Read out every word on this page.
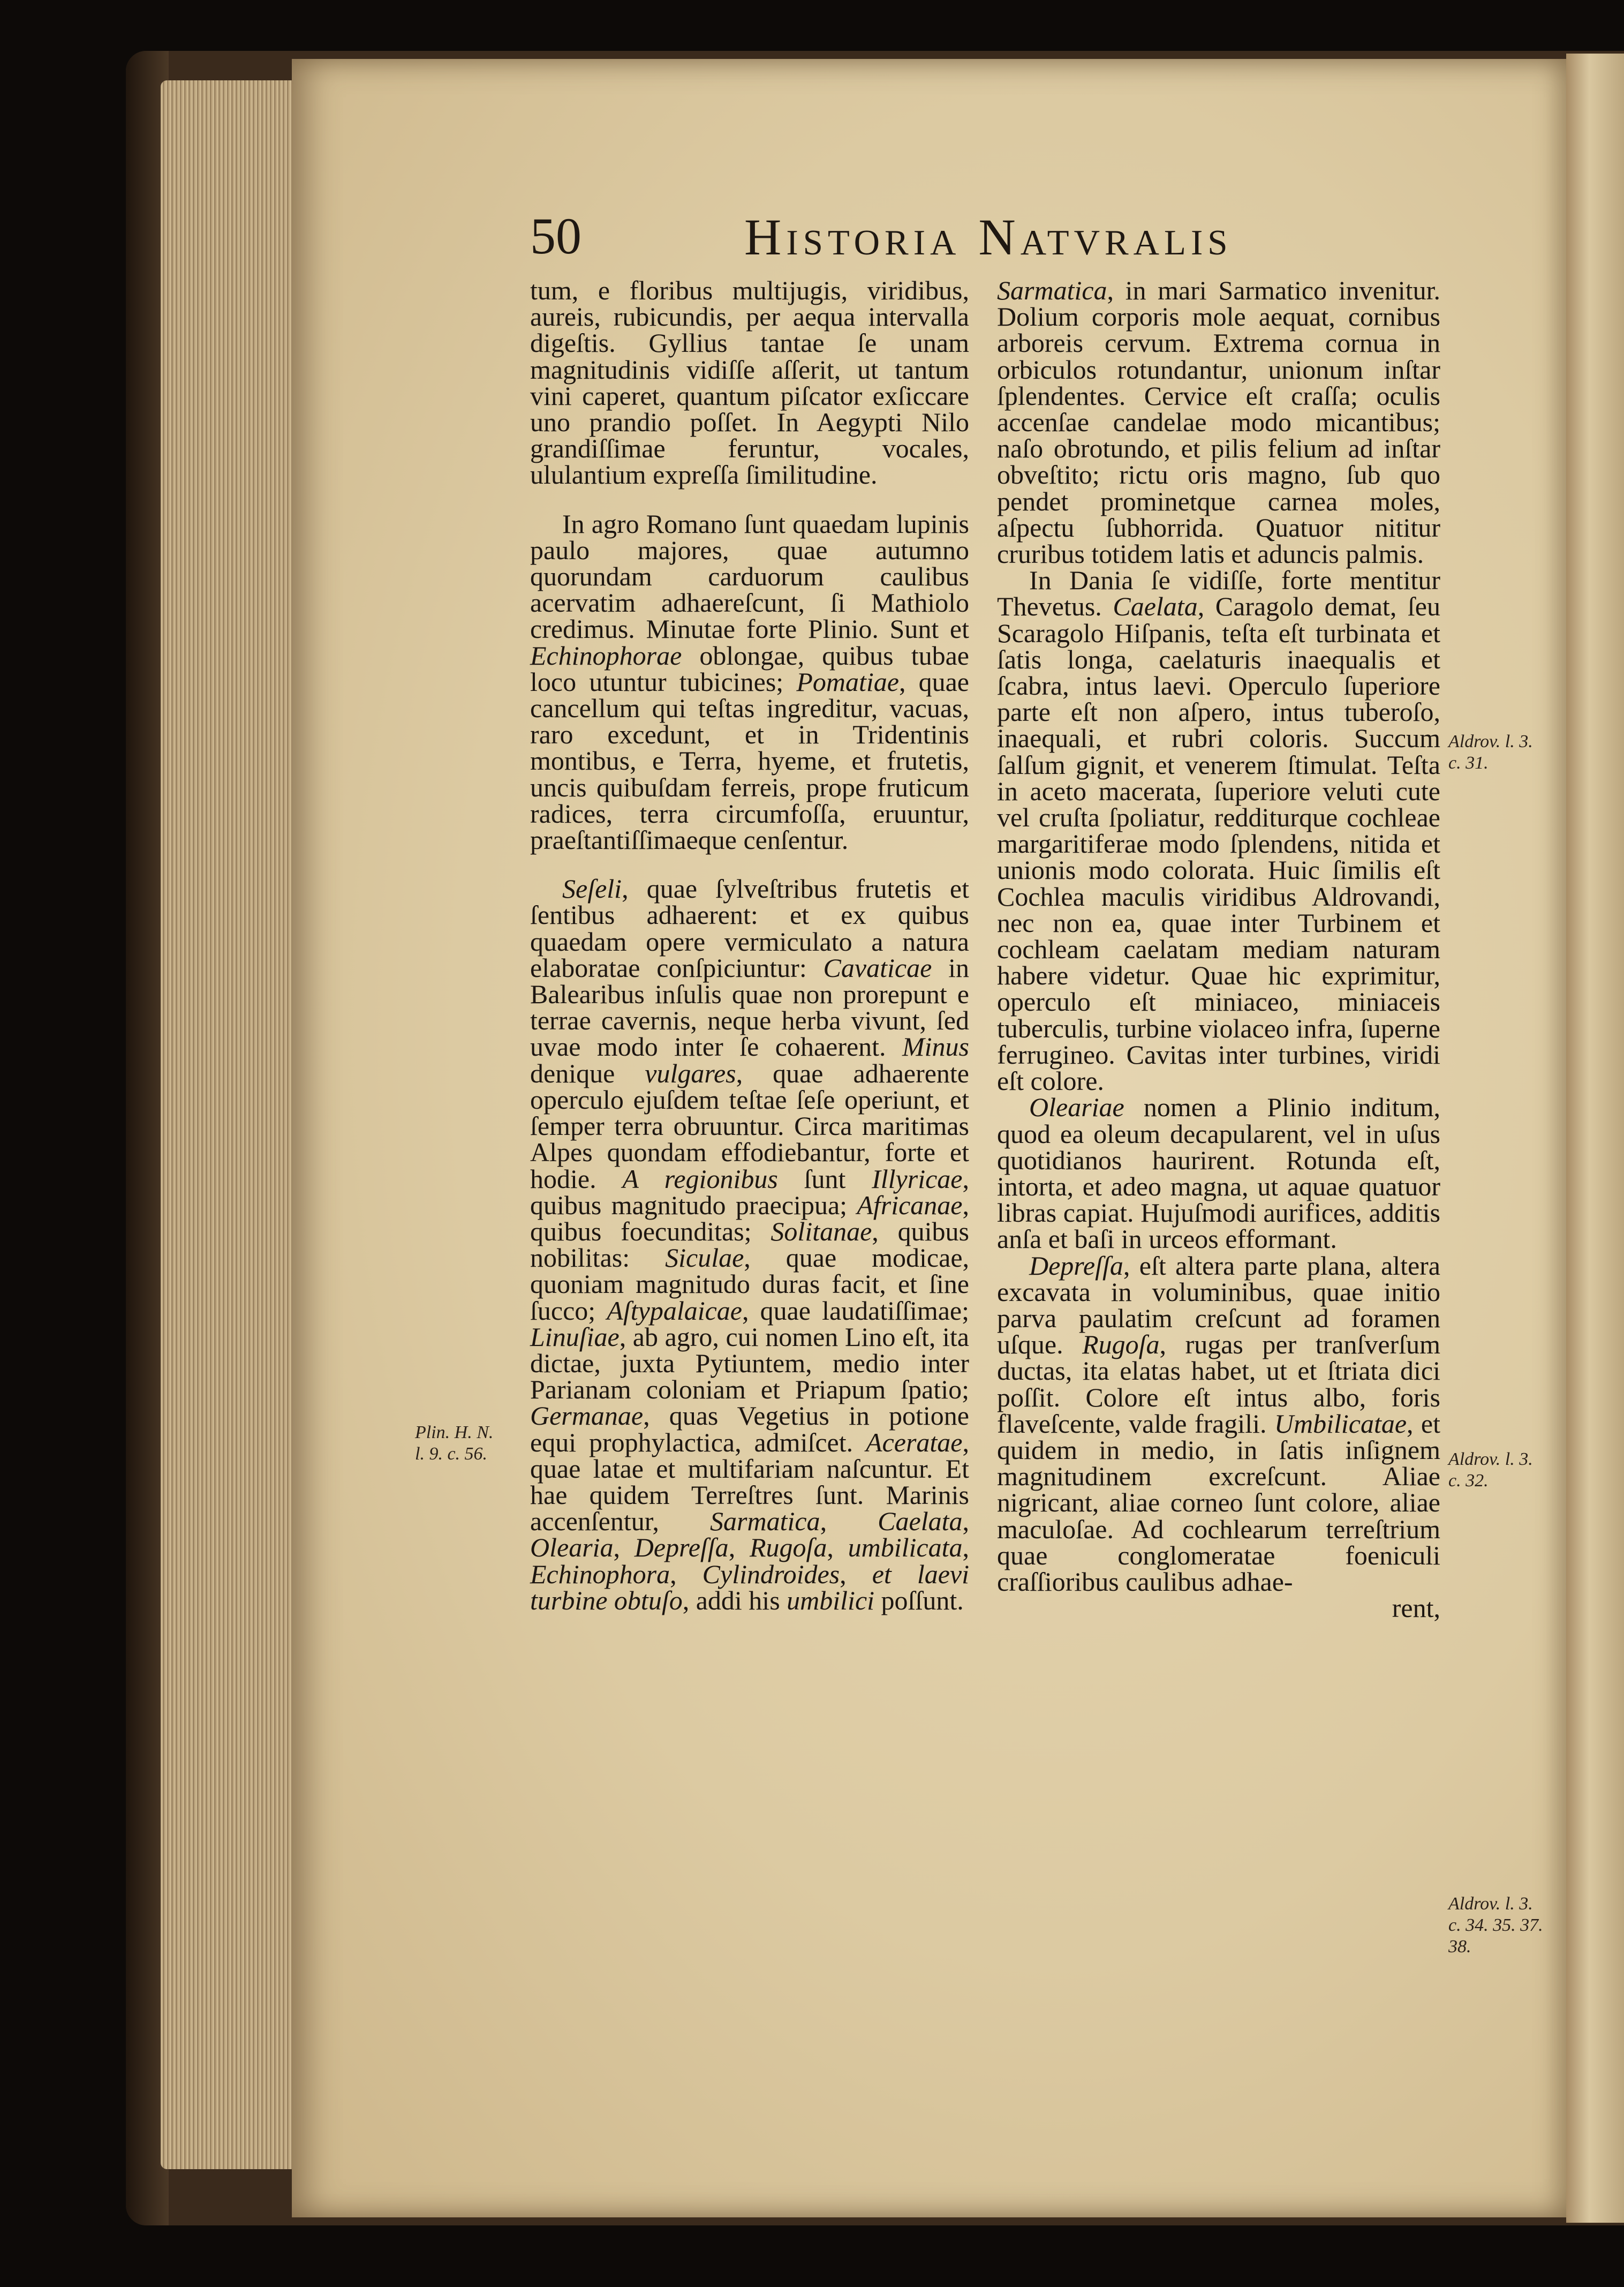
50	Historia Natvralis

tum, e floribus multijugis, viridibus, aureis, rubicundis, per aequa intervalla digeſtis. Gyllius tantae ſe unam magnitudinis vidiſſe aſſerit, ut tantum vini caperet, quantum piſcator exſiccare uno prandio poſſet. In Aegypti Nilo grandiſſimae feruntur, vocales, ululantium expreſſa ſimilitudine.

In agro Romano ſunt quaedam lupinis paulo majores, quae autumno quorundam carduorum caulibus acervatim adhaereſcunt, ſi Mathiolo credimus. Minutae forte Plinio. Sunt et Echinophorae oblongae, quibus tubae loco utuntur tubicines; Pomatiae, quae cancellum qui teſtas ingreditur, vacuas, raro excedunt, et in Tridentinis montibus, e Terra, hyeme, et frutetis, uncis quibuſdam ferreis, prope fruticum radices, terra circumfoſſa, eruuntur, praeſtantiſſimaeque cenſentur.

Seſeli, quae ſylveſtribus frutetis et ſentibus adhaerent: et ex quibus quaedam opere vermiculato a natura elaboratae conſpiciuntur: Cavaticae in Balearibus inſulis quae non prorepunt e terrae cavernis, neque herba vivunt, ſed uvae modo inter ſe cohaerent. Minus denique vulgares, quae adhaerente operculo ejuſdem teſtae ſeſe operiunt, et ſemper terra obruuntur. Circa maritimas Alpes quondam effodiebantur, forte et hodie. A regionibus ſunt Illyricae, quibus magnitudo praecipua; Africanae, quibus foecunditas; Solitanae, quibus nobilitas: Siculae, quae modicae, quoniam magnitudo duras facit, et ſine ſucco; Aſtypalaicae, quae laudatiſſimae; Linuſiae, ab agro, cui nomen Lino eſt, ita dictae, juxta Pytiuntem, medio inter Parianam coloniam et Priapum ſpatio; Germanae, quas Vegetius in potione equi prophylactica, admiſcet. Aceratae, quae latae et multifariam naſcuntur. Et hae quidem Terreſtres ſunt. Marinis accenſentur, Sarmatica, Caelata, Olearia, Depreſſa, Rugoſa, umbilicata, Echinophora, Cylindroides, et laevi turbine obtuſo, addi his umbilici poſſunt.

Sarmatica, in mari Sarmatico invenitur. Dolium corporis mole aequat, cornibus arboreis cervum. Extrema cornua in orbiculos rotundantur, unionum inſtar ſplendentes. Cervice eſt craſſa; oculis accenſae candelae modo micantibus; naſo obrotundo, et pilis felium ad inſtar obveſtito; rictu oris magno, ſub quo pendet prominetque carnea moles, aſpectu ſubhorrida. Quatuor nititur cruribus totidem latis et aduncis palmis.

In Dania ſe vidiſſe, forte mentitur Thevetus. Caelata, Caragolo demat, ſeu Scaragolo Hiſpanis, teſta eſt turbinata et ſatis longa, caelaturis inaequalis et ſcabra, intus laevi. Operculo ſuperiore parte eſt non aſpero, intus tuberoſo, inaequali, et rubri coloris. Succum ſalſum gignit, et venerem ſtimulat. Teſta in aceto macerata, ſuperiore veluti cute vel cruſta ſpoliatur, redditurque cochleae margaritiferae modo ſplendens, nitida et unionis modo colorata. Huic ſimilis eſt Cochlea maculis viridibus Aldrovandi, nec non ea, quae inter Turbinem et cochleam caelatam mediam naturam habere videtur. Quae hic exprimitur, operculo eſt miniaceo, miniaceis tuberculis, turbine violaceo infra, ſuperne ferrugineo. Cavitas inter turbines, viridi eſt colore.

Oleariae nomen a Plinio inditum, quod ea oleum decapularent, vel in uſus quotidianos haurirent. Rotunda eſt, intorta, et adeo magna, ut aquae quatuor libras capiat. Hujuſmodi aurifices, additis anſa et baſi in urceos efformant.

Depreſſa, eſt altera parte plana, altera excavata in voluminibus, quae initio parva paulatim creſcunt ad foramen uſque. Rugoſa, rugas per tranſverſum ductas, ita elatas habet, ut et ſtriata dici poſſit. Colore eſt intus albo, foris flaveſcente, valde fragili. Umbilicatae, et quidem in medio, in ſatis inſignem magnitudinem excreſcunt. Aliae nigricant, aliae corneo ſunt colore, aliae maculoſae. Ad cochlearum terreſtrium quae conglomeratae foeniculi craſſioribus caulibus adhae-

rent,

Plin. H. N.
l. 9. c. 56.
Aldrov. l. 3.
c. 31.
Aldrov. l. 3.
c. 32.
Aldrov. l. 3.
c. 34. 35. 37.
38.
